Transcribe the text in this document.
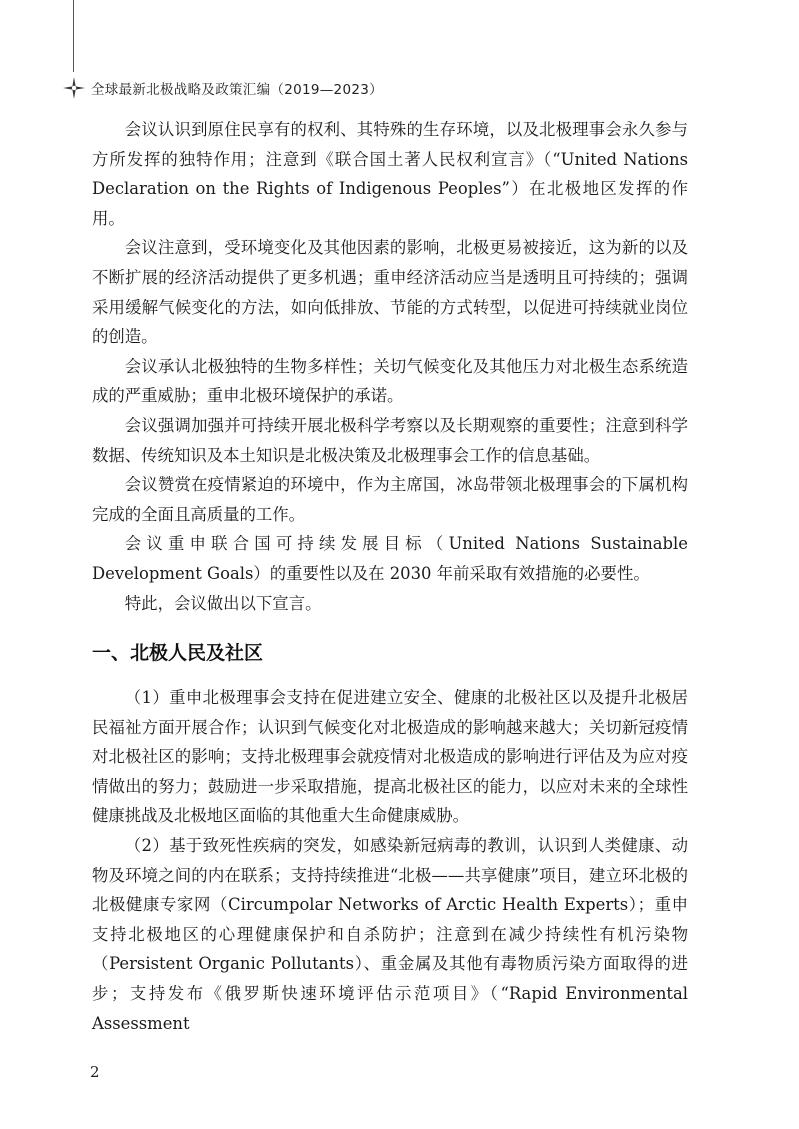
全球最新北极战略及政策汇编（2019—2023）

会议认识到原住民享有的权利、其特殊的生存环境，以及北极理事会永久参与方所发挥的独特作用；注意到《联合国土著人民权利宣言》（“United Nations Declaration on the Rights of Indigenous Peoples”）在北极地区发挥的作用。

会议注意到，受环境变化及其他因素的影响，北极更易被接近，这为新的以及不断扩展的经济活动提供了更多机遇；重申经济活动应当是透明且可持续的；强调采用缓解气候变化的方法，如向低排放、节能的方式转型，以促进可持续就业岗位的创造。

会议承认北极独特的生物多样性；关切气候变化及其他压力对北极生态系统造成的严重威胁；重申北极环境保护的承诺。

会议强调加强并可持续开展北极科学考察以及长期观察的重要性；注意到科学数据、传统知识及本土知识是北极决策及北极理事会工作的信息基础。

会议赞赏在疫情紧迫的环境中，作为主席国，冰岛带领北极理事会的下属机构完成的全面且高质量的工作。

会议重申联合国可持续发展目标（United Nations Sustainable Development Goals）的重要性以及在 2030 年前采取有效措施的必要性。

特此，会议做出以下宣言。

一、北极人民及社区

（1）重申北极理事会支持在促进建立安全、健康的北极社区以及提升北极居民福祉方面开展合作；认识到气候变化对北极造成的影响越来越大；关切新冠疫情对北极社区的影响；支持北极理事会就疫情对北极造成的影响进行评估及为应对疫情做出的努力；鼓励进一步采取措施，提高北极社区的能力，以应对未来的全球性健康挑战及北极地区面临的其他重大生命健康威胁。

（2）基于致死性疾病的突发，如感染新冠病毒的教训，认识到人类健康、动物及环境之间的内在联系；支持持续推进“北极——共享健康”项目，建立环北极的北极健康专家网（Circumpolar Networks of Arctic Health Experts）；重申支持北极地区的心理健康保护和自杀防护；注意到在减少持续性有机污染物（Persistent Organic Pollutants）、重金属及其他有毒物质污染方面取得的进步；支持发布《俄罗斯快速环境评估示范项目》（“Rapid Environmental Assessment

2
